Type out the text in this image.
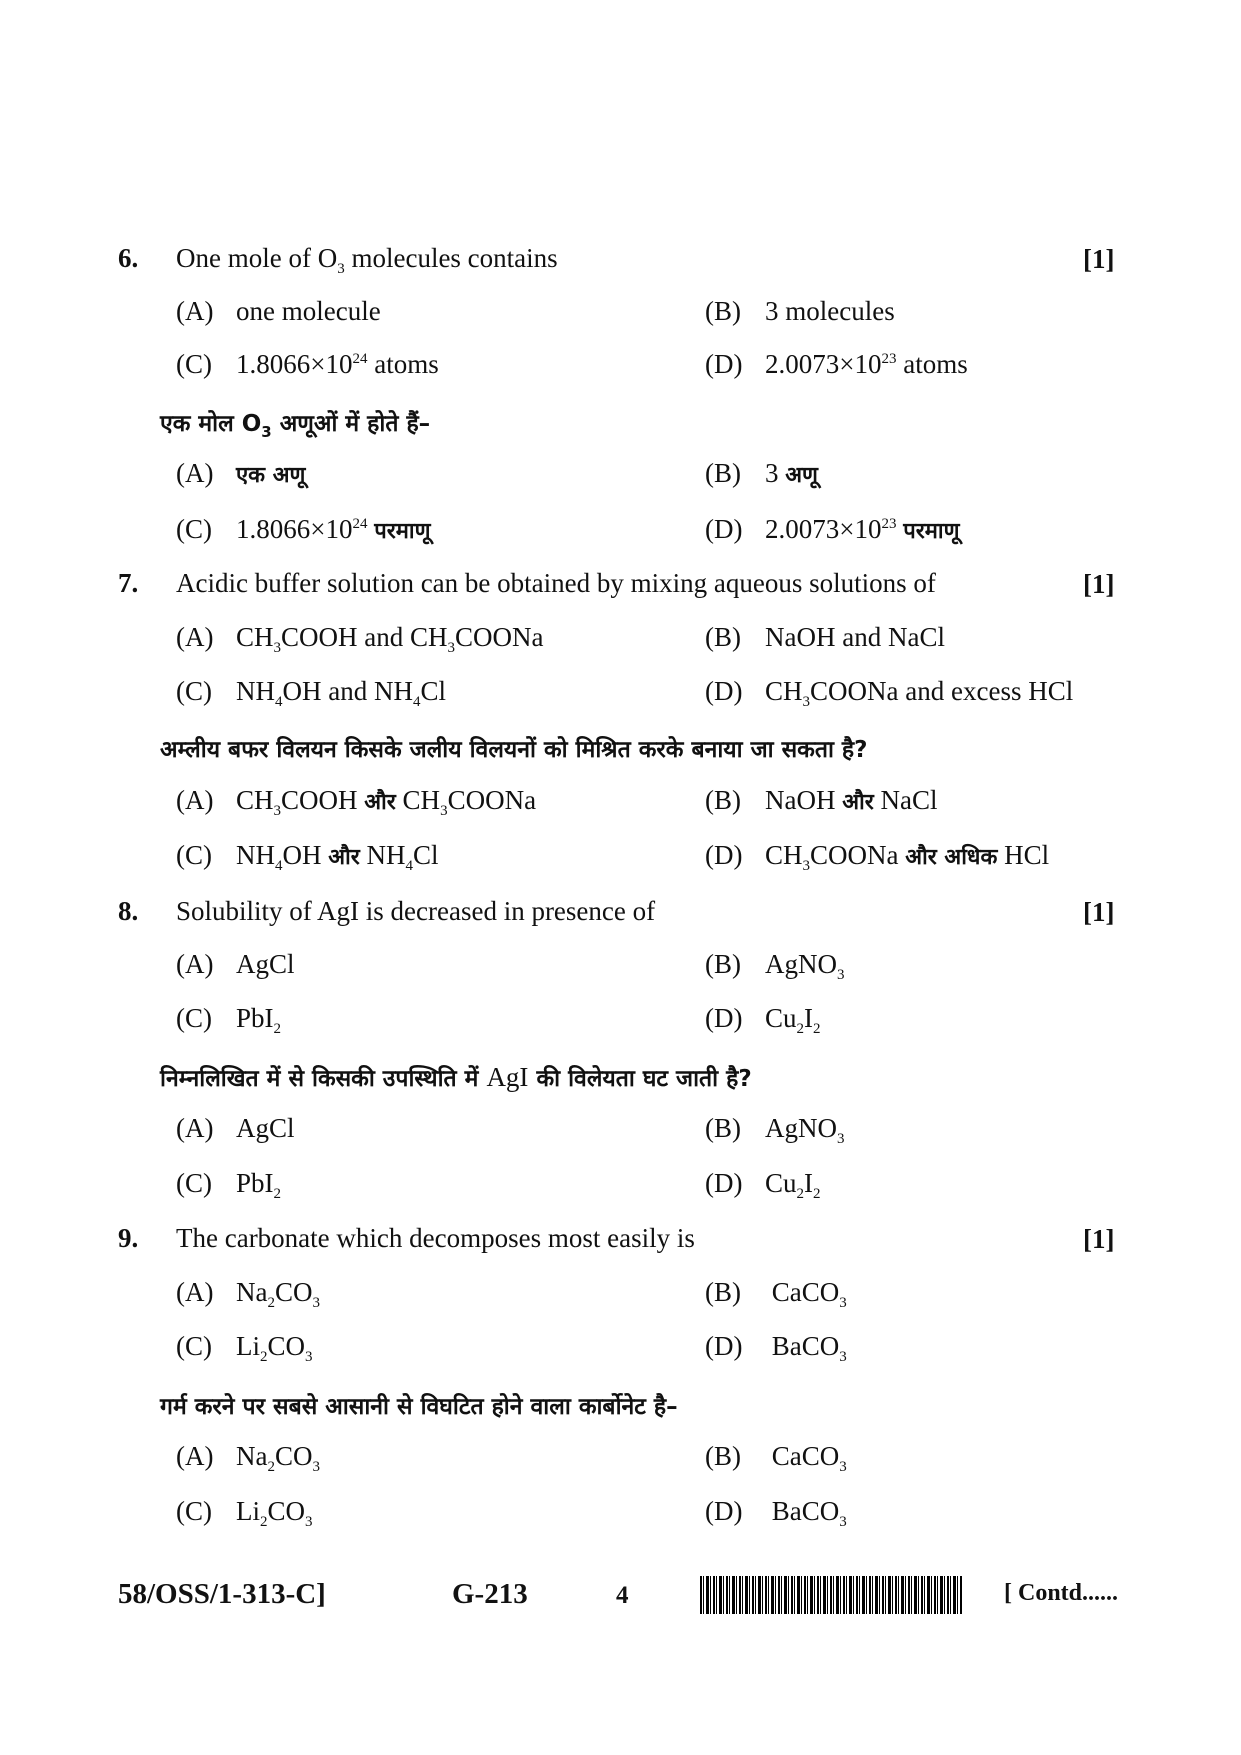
6. One mole of $O_3$ molecules contains	[1]
(A) one molecule	(B) 3 molecules
(C) $1.8066\times 10^{24}$ atoms	(D) $2.0073\times 10^{23}$ atoms
एक मोल $O_3$ अणूओं में होते हैं–
(A) एक अणू	(B) 3 अणू
(C) $1.8066\times 10^{24}$ परमाणू	(D) $2.0073\times 10^{23}$ परमाणू
7. Acidic buffer solution can be obtained by mixing aqueous solutions of	[1]
(A) $CH_3COOH$ and $CH_3COONa$	(B) NaOH and NaCl
(C) $NH_4OH$ and $NH_4Cl$	(D) $CH_3COONa$ and excess HCl
अम्लीय बफर विलयन किसके जलीय विलयनों को मिश्रित करके बनाया जा सकता है?
(A) $CH_3COOH$ और $CH_3COONa$	(B) NaOH और NaCl
(C) $NH_4OH$ और $NH_4Cl$	(D) $CH_3COONa$ और अधिक HCl
8. Solubility of AgI is decreased in presence of	[1]
(A) AgCl	(B) AgNO$_3$
(C) PbI$_2$	(D) $Cu_2I_2$
निम्नलिखित में से किसकी उपस्थिति में AgI की विलेयता घट जाती है?
(A) AgCl	(B) AgNO$_3$
(C) PbI$_2$	(D) $Cu_2I_2$
9. The carbonate which decomposes most easily is	[1]
(A) $Na_2CO_3$	(B) CaCO$_3$
(C) $Li_2CO_3$	(D) BaCO$_3$
गर्म करने पर सबसे आसानी से विघटित होने वाला कार्बोनेट है–
(A) $Na_2CO_3$	(B) CaCO$_3$
(C) $Li_2CO_3$	(D) BaCO$_3$
58/OSS/1-313-C]	G-213	4	[ Contd......
